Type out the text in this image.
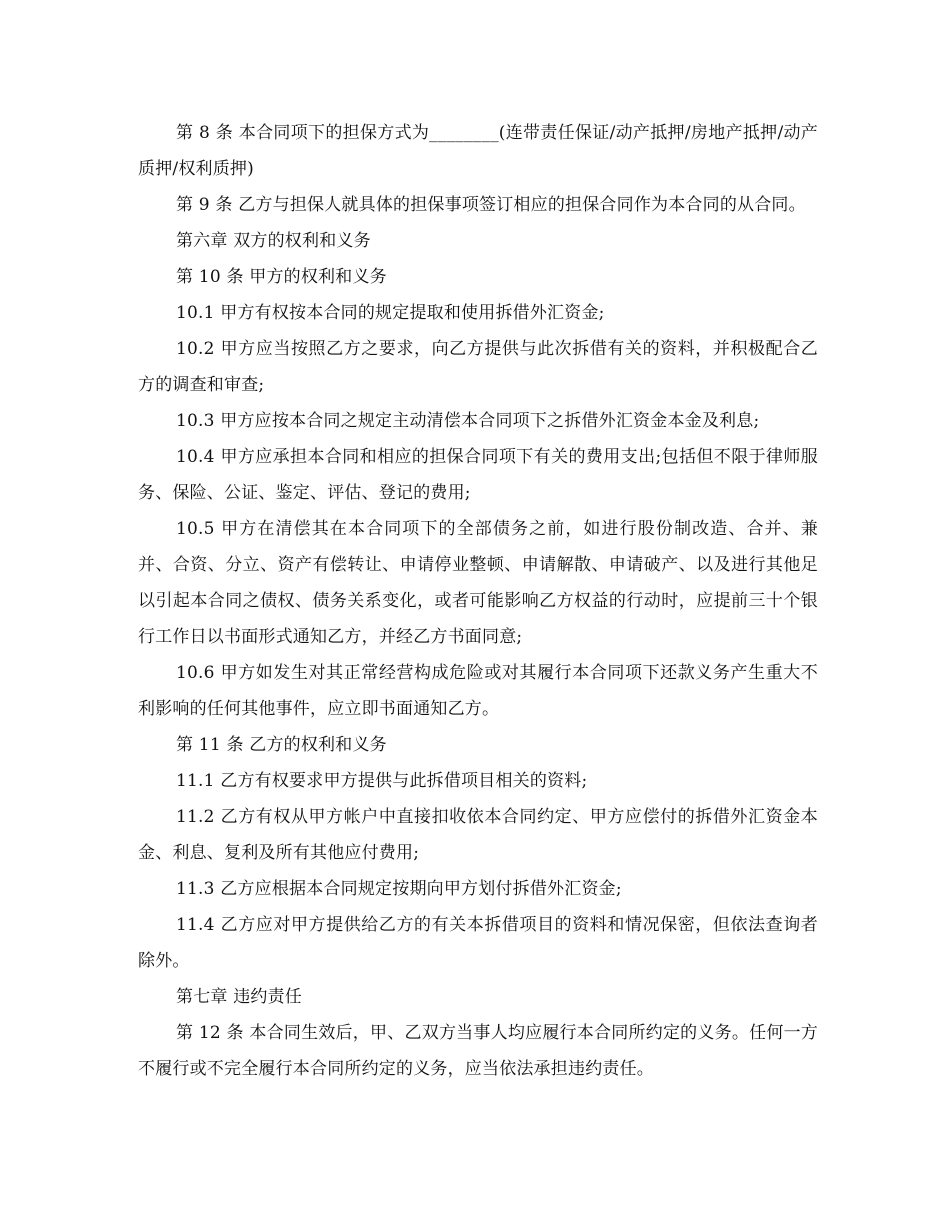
第 8 条 本合同项下的担保方式为________(连带责任保证/动产抵押/房地产抵押/动产质押/权利质押)

第 9 条 乙方与担保人就具体的担保事项签订相应的担保合同作为本合同的从合同。

第六章 双方的权利和义务

第 10 条 甲方的权利和义务

10.1 甲方有权按本合同的规定提取和使用拆借外汇资金;

10.2 甲方应当按照乙方之要求，向乙方提供与此次拆借有关的资料，并积极配合乙方的调查和审查;

10.3 甲方应按本合同之规定主动清偿本合同项下之拆借外汇资金本金及利息;

10.4 甲方应承担本合同和相应的担保合同项下有关的费用支出;包括但不限于律师服务、保险、公证、鉴定、评估、登记的费用;

10.5 甲方在清偿其在本合同项下的全部债务之前，如进行股份制改造、合并、兼并、合资、分立、资产有偿转让、申请停业整顿、申请解散、申请破产、以及进行其他足以引起本合同之债权、债务关系变化，或者可能影响乙方权益的行动时，应提前三十个银行工作日以书面形式通知乙方，并经乙方书面同意;

10.6 甲方如发生对其正常经营构成危险或对其履行本合同项下还款义务产生重大不利影响的任何其他事件，应立即书面通知乙方。

第 11 条 乙方的权利和义务

11.1 乙方有权要求甲方提供与此拆借项目相关的资料;

11.2 乙方有权从甲方帐户中直接扣收依本合同约定、甲方应偿付的拆借外汇资金本金、利息、复利及所有其他应付费用;

11.3 乙方应根据本合同规定按期向甲方划付拆借外汇资金;

11.4 乙方应对甲方提供给乙方的有关本拆借项目的资料和情况保密，但依法查询者除外。

第七章 违约责任

第 12 条 本合同生效后，甲、乙双方当事人均应履行本合同所约定的义务。任何一方不履行或不完全履行本合同所约定的义务，应当依法承担违约责任。
